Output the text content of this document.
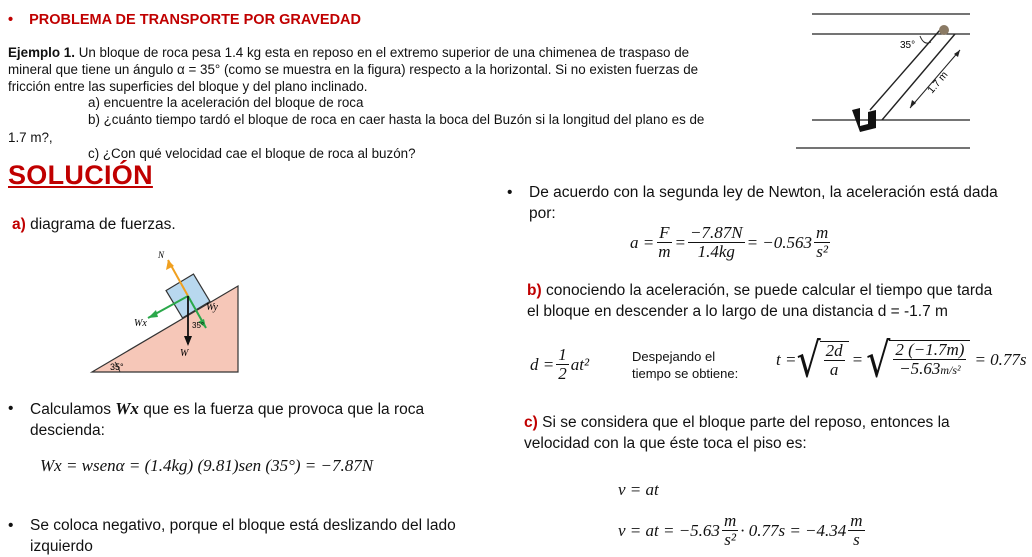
• PROBLEMA DE TRANSPORTE POR GRAVEDAD
Ejemplo 1. Un bloque de roca pesa 1.4 kg esta en reposo en el extremo superior de una chimenea de traspaso de
mineral que tiene un ángulo α = 35° (como se muestra en la figura) respecto a la horizontal. Si no existen fuerzas de
fricción entre las superficies del bloque y del plano inclinado.
a) encuentre la aceleración del bloque de roca
b) ¿cuánto tiempo tardó el bloque de roca en caer hasta la boca del Buzón si la longitud del plano es de
1.7 m?,
c) ¿Con qué velocidad cae el bloque de roca al buzón?
35°
1.7 m
SOLUCIÓN
a) diagrama de fuerzas.
35°
N
Wx
Wy
W
35°
•	Calculamos Wx que es la fuerza que provoca que la roca
descienda:
Wx = wsenα = (1.4kg) (9.81)sen (35°) = −7.87N
•	Se coloca negativo, porque el bloque está deslizando del lado
izquierdo
•	De acuerdo con la segunda ley de Newton, la aceleración está dada
por:
$a = \frac{F}{m} = \frac{-7.87N}{1.4kg} = -0.563 \frac{m}{\text{s²}}$
b) conociendo la aceleración, se puede calcular el tiempo que tarda
el bloque en descender a lo largo de una distancia d = -1.7 m
$d = \frac{1}{2} at^2$	Despejando el
tiempo se obtiene:
t = √ $\frac{2d}{a}$ = √ $\frac{2 (-1.7m)}{\text{−5.63m/s²}} = 0.77s$
c) Si se considera que el bloque parte del reposo, entonces la
velocidad con la que éste toca el piso es:
v = at
v = at = $-5.63 \frac{m}{\text{s²}} \cdot 0.77s = -4.34 \frac{m}{s}$
